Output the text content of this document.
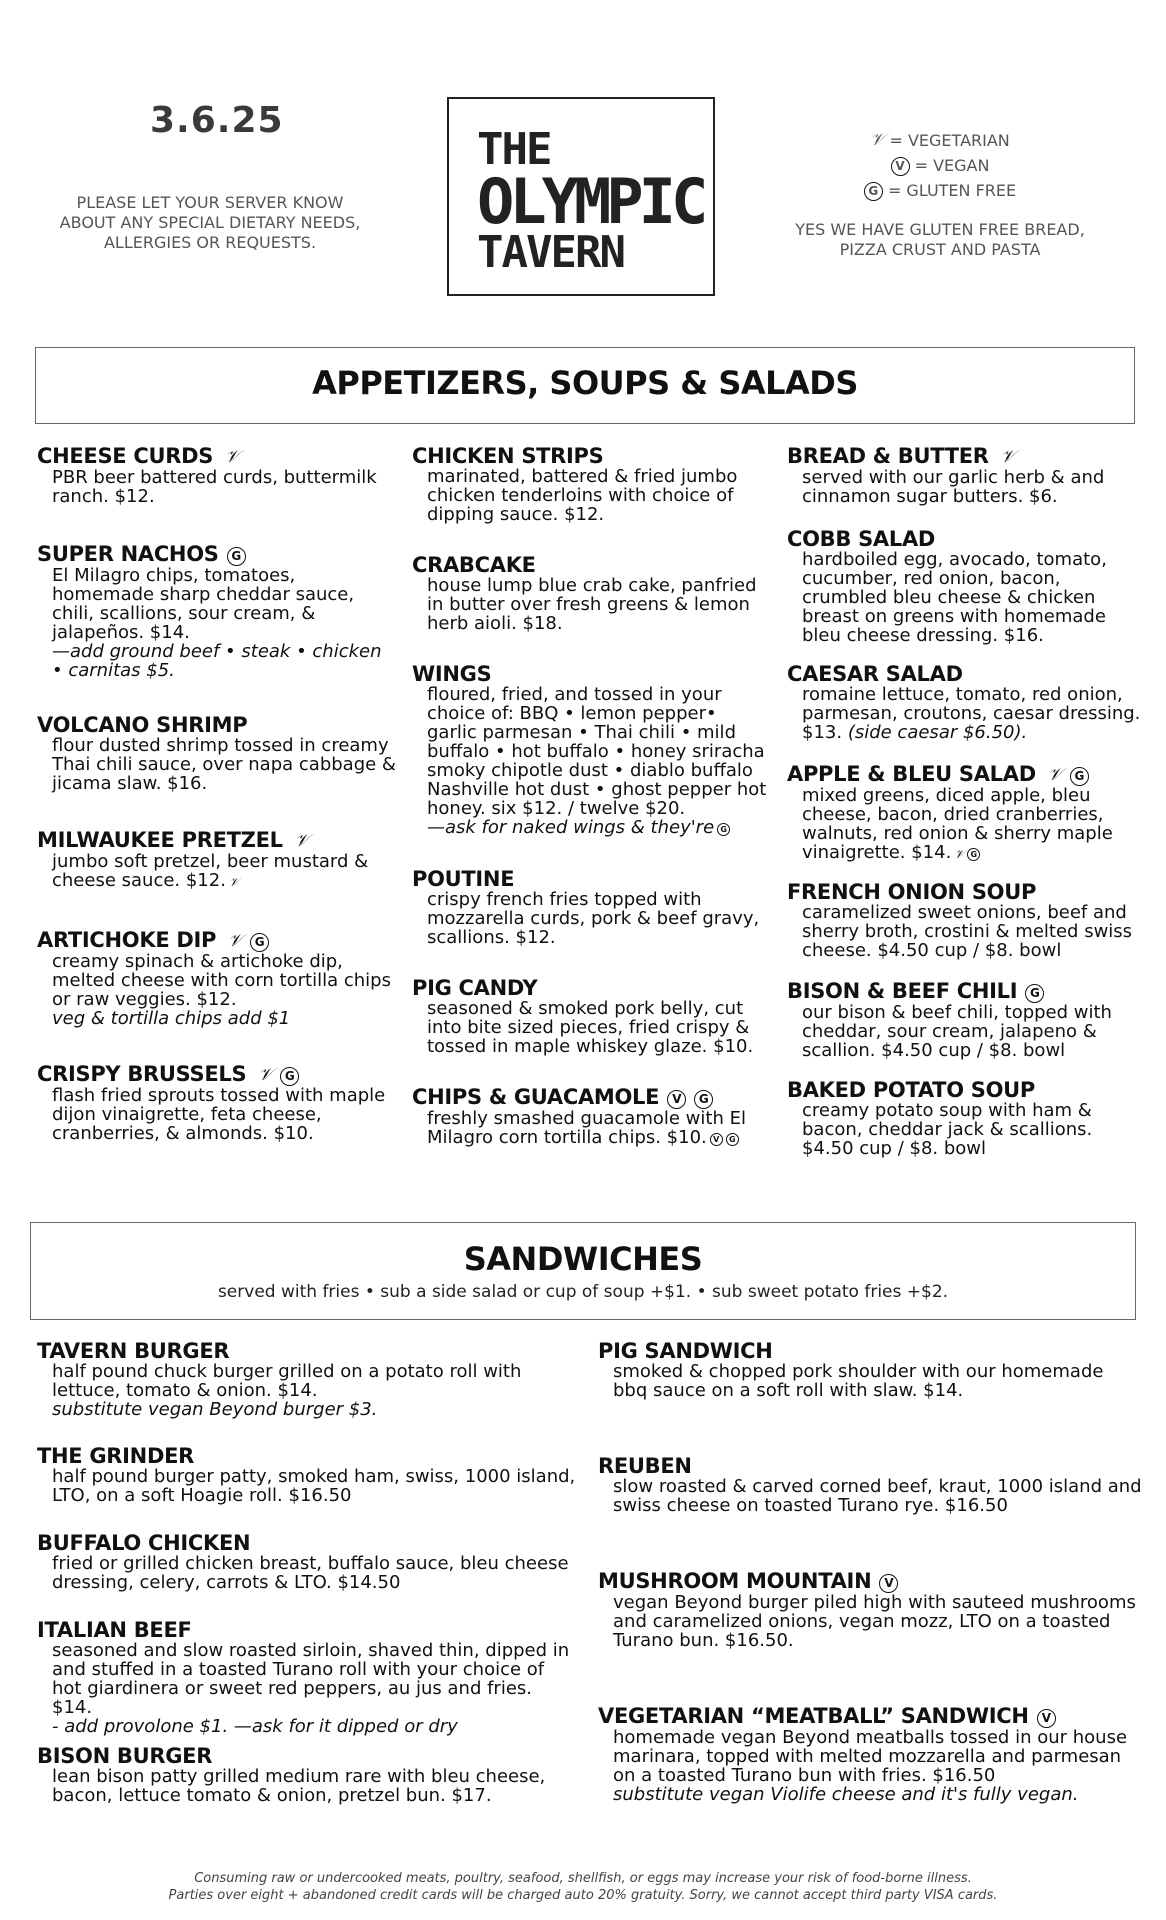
3.6.25
PLEASE LET YOUR SERVER KNOW ABOUT ANY SPECIAL DIETARY NEEDS, ALLERGIES OR REQUESTS.
THE
OLYMPIC
TAVERN
𝒱 = VEGETARIAN
V = VEGAN
G = GLUTEN FREE
YES WE HAVE GLUTEN FREE BREAD, PIZZA CRUST AND PASTA
APPETIZERS, SOUPS & SALADS
CHEESE CURDS 𝒱
PBR beer battered curds, buttermilk ranch. $12.
SUPER NACHOS G
El Milagro chips, tomatoes, homemade sharp cheddar sauce, chili, scallions, sour cream, & jalapeños. $14.
—add ground beef • steak • chicken • carnitas $5.
VOLCANO SHRIMP
flour dusted shrimp tossed in creamy Thai chili sauce, over napa cabbage & jicama slaw. $16.
MILWAUKEE PRETZEL 𝒱
jumbo soft pretzel, beer mustard & cheese sauce. $12. 𝒱
ARTICHOKE DIP 𝒱 G
creamy spinach & artichoke dip, melted cheese with corn tortilla chips or raw veggies. $12.
veg & tortilla chips add $1
CRISPY BRUSSELS 𝒱 G
flash fried sprouts tossed with maple dijon vinaigrette, feta cheese, cranberries, & almonds. $10.
CHICKEN STRIPS
marinated, battered & fried jumbo chicken tenderloins with choice of dipping sauce. $12.
CRABCAKE
house lump blue crab cake, panfried in butter over fresh greens & lemon herb aioli. $18.
WINGS
floured, fried, and tossed in your choice of: BBQ • lemon pepper• garlic parmesan • Thai chili • mild buffalo • hot buffalo • honey sriracha smoky chipotle dust • diablo buffalo Nashville hot dust • ghost pepper hot honey. six $12. / twelve $20.
—ask for naked wings & they're G
POUTINE
crispy french fries topped with mozzarella curds, pork & beef gravy, scallions. $12.
PIG CANDY
seasoned & smoked pork belly, cut into bite sized pieces, fried crispy & tossed in maple whiskey glaze. $10.
CHIPS & GUACAMOLE V G
freshly smashed guacamole with El Milagro corn tortilla chips. $10. V G
BREAD & BUTTER 𝒱
served with our garlic herb & and cinnamon sugar butters. $6.
COBB SALAD
hardboiled egg, avocado, tomato, cucumber, red onion, bacon, crumbled bleu cheese & chicken breast on greens with homemade bleu cheese dressing. $16.
CAESAR SALAD
romaine lettuce, tomato, red onion, parmesan, croutons, caesar dressing. $13. (side caesar $6.50).
APPLE & BLEU SALAD 𝒱 G
mixed greens, diced apple, bleu cheese, bacon, dried cranberries, walnuts, red onion & sherry maple vinaigrette. $14. 𝒱 G
FRENCH ONION SOUP
caramelized sweet onions, beef and sherry broth, crostini & melted swiss cheese. $4.50 cup / $8. bowl
BISON & BEEF CHILI G
our bison & beef chili, topped with cheddar, sour cream, jalapeno & scallion. $4.50 cup / $8. bowl
BAKED POTATO SOUP
creamy potato soup with ham & bacon, cheddar jack & scallions. $4.50 cup / $8. bowl
SANDWICHES
served with fries • sub a side salad or cup of soup +$1. • sub sweet potato fries +$2.
TAVERN BURGER
half pound chuck burger grilled on a potato roll with lettuce, tomato & onion. $14.
substitute vegan Beyond burger $3.
THE GRINDER
half pound burger patty, smoked ham, swiss, 1000 island, LTO, on a soft Hoagie roll. $16.50
BUFFALO CHICKEN
fried or grilled chicken breast, buffalo sauce, bleu cheese dressing, celery, carrots & LTO. $14.50
ITALIAN BEEF
seasoned and slow roasted sirloin, shaved thin, dipped in and stuffed in a toasted Turano roll with your choice of hot giardinera or sweet red peppers, au jus and fries. $14.
- add provolone $1. —ask for it dipped or dry
BISON BURGER
lean bison patty grilled medium rare with bleu cheese, bacon, lettuce tomato & onion, pretzel bun. $17.
PIG SANDWICH
smoked & chopped pork shoulder with our homemade bbq sauce on a soft roll with slaw. $14.
REUBEN
slow roasted & carved corned beef, kraut, 1000 island and swiss cheese on toasted Turano rye. $16.50
MUSHROOM MOUNTAIN V
vegan Beyond burger piled high with sauteed mushrooms and caramelized onions, vegan mozz, LTO on a toasted Turano bun. $16.50.
VEGETARIAN “MEATBALL” SANDWICH V
homemade vegan Beyond meatballs tossed in our house marinara, topped with melted mozzarella and parmesan on a toasted Turano bun with fries. $16.50
substitute vegan Violife cheese and it's fully vegan.
Consuming raw or undercooked meats, poultry, seafood, shellfish, or eggs may increase your risk of food-borne illness.
Parties over eight + abandoned credit cards will be charged auto 20% gratuity. Sorry, we cannot accept third party VISA cards.
